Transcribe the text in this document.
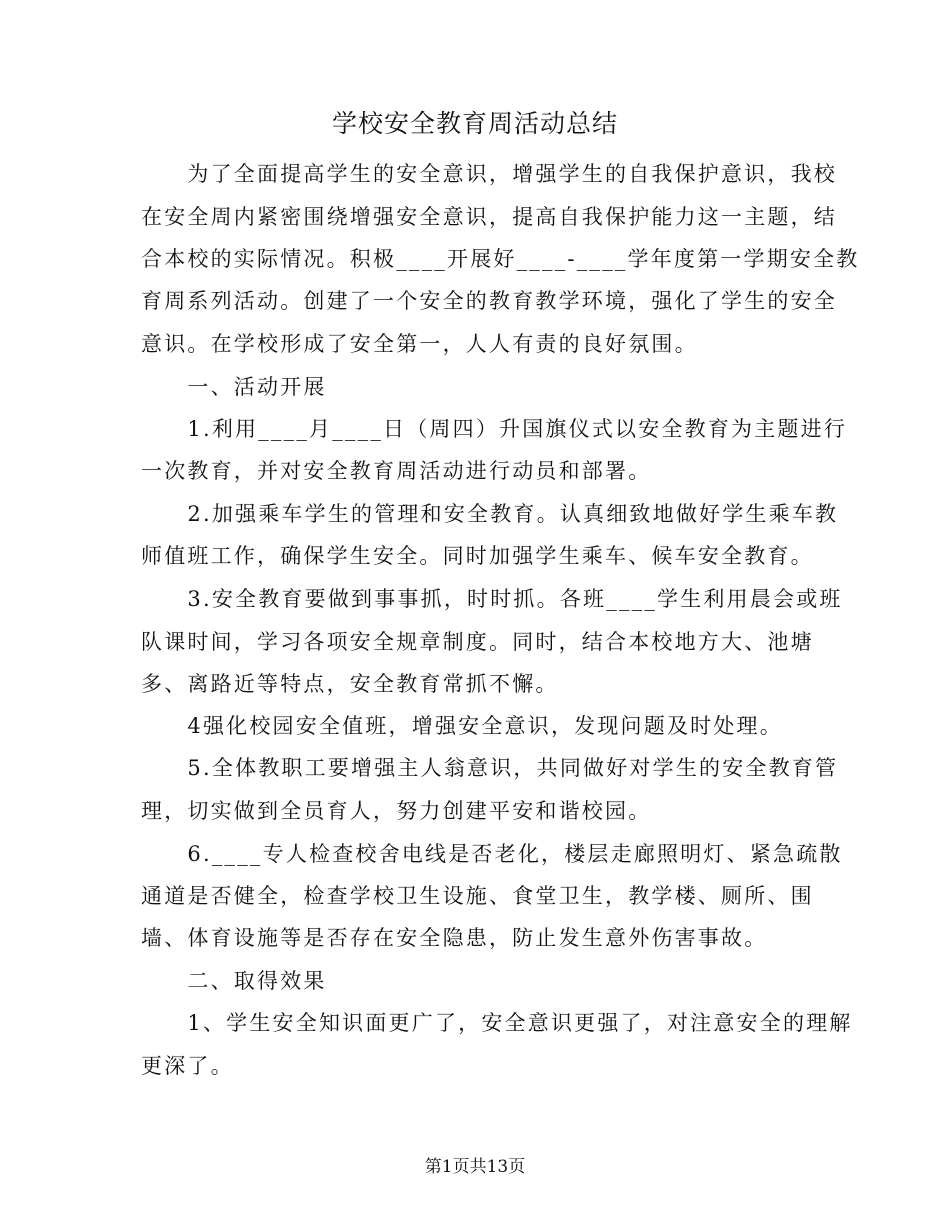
学校安全教育周活动总结
　　为了全面提高学生的安全意识，增强学生的自我保护意识，我校
在安全周内紧密围绕增强安全意识，提高自我保护能力这一主题，结
合本校的实际情况。积极____开展好____-____学年度第一学期安全教
育周系列活动。创建了一个安全的教育教学环境，强化了学生的安全
意识。在学校形成了安全第一，人人有责的良好氛围。
　　一、活动开展
　　1.利用____月____日（周四）升国旗仪式以安全教育为主题进行
一次教育，并对安全教育周活动进行动员和部署。
　　2.加强乘车学生的管理和安全教育。认真细致地做好学生乘车教
师值班工作，确保学生安全。同时加强学生乘车、候车安全教育。
　　3.安全教育要做到事事抓，时时抓。各班____学生利用晨会或班
队课时间，学习各项安全规章制度。同时，结合本校地方大、池塘
多、离路近等特点，安全教育常抓不懈。
　　4强化校园安全值班，增强安全意识，发现问题及时处理。
　　5.全体教职工要增强主人翁意识，共同做好对学生的安全教育管
理，切实做到全员育人，努力创建平安和谐校园。
　　6.____专人检查校舍电线是否老化，楼层走廊照明灯、紧急疏散
通道是否健全，检查学校卫生设施、食堂卫生，教学楼、厕所、围
墙、体育设施等是否存在安全隐患，防止发生意外伤害事故。
　　二、取得效果
　　1、学生安全知识面更广了，安全意识更强了，对注意安全的理解
更深了。
第1页共13页
